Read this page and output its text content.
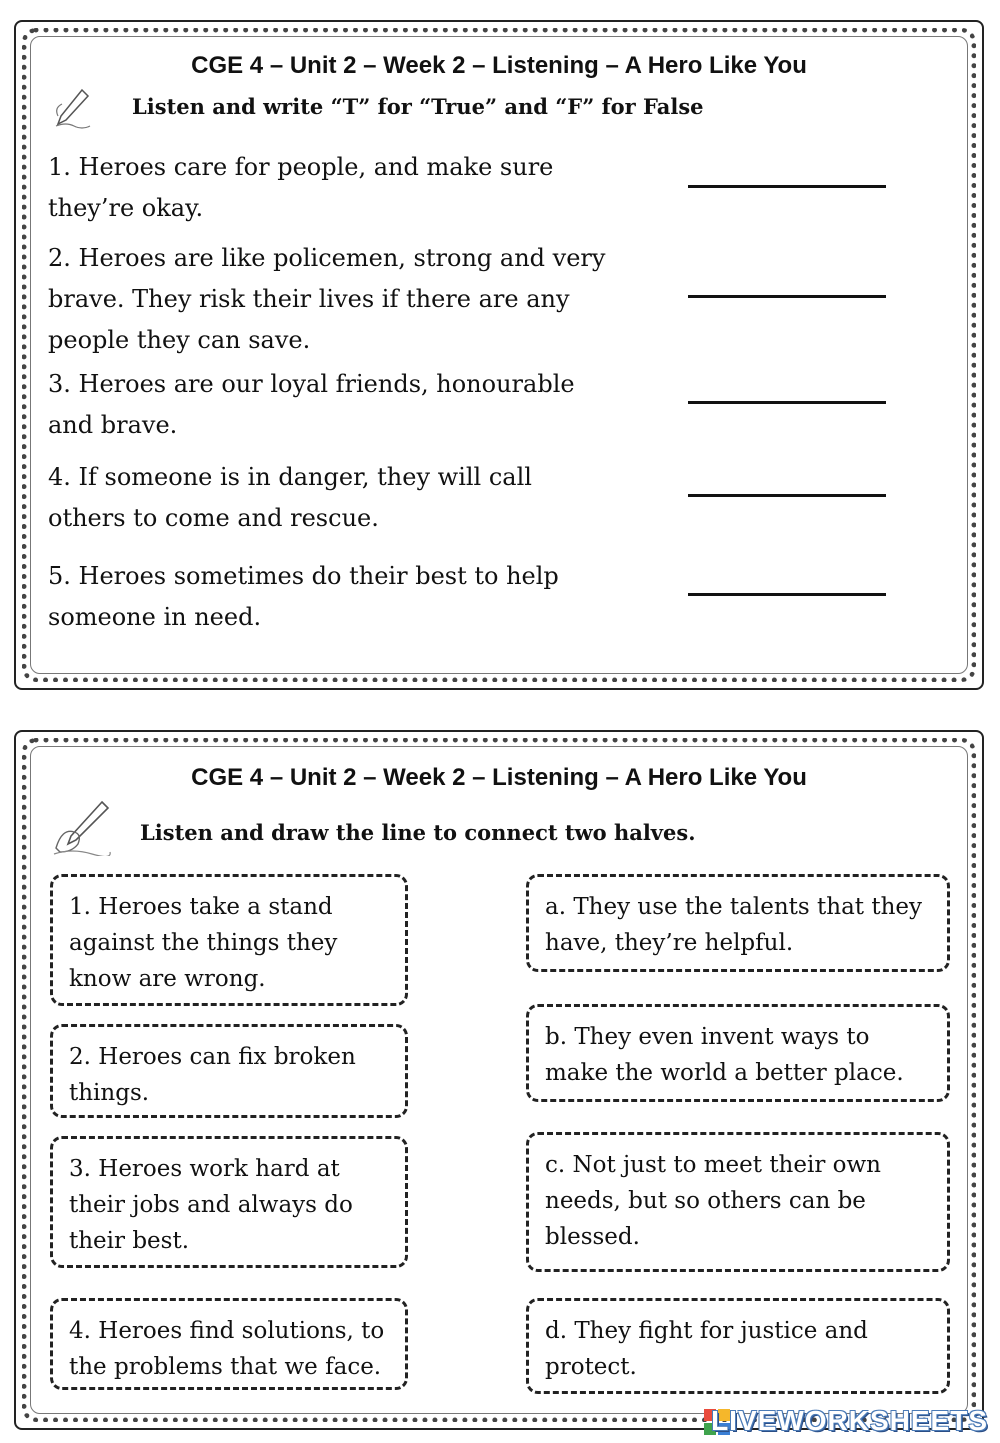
CGE 4 – Unit 2 – Week 2 – Listening – A Hero Like You
Listen and write “T” for “True” and “F” for False
1. Heroes care for people, and make sure they’re okay.
2. Heroes are like policemen, strong and very brave. They risk their lives if there are any people they can save.
3. Heroes are our loyal friends, honourable and brave.
4. If someone is in danger, they will call others to come and rescue.
5. Heroes sometimes do their best to help someone in need.
CGE 4 – Unit 2 – Week 2 – Listening – A Hero Like You
Listen and draw the line to connect two halves.
1. Heroes take a stand against the things they know are wrong.
2. Heroes can fix broken things.
3. Heroes work hard at their jobs and always do their best.
4. Heroes find solutions, to the problems that we face.
a. They use the talents that they have, they’re helpful.
b. They even invent ways to make the world a better place.
c. Not just to meet their own needs, but so others can be blessed.
d. They fight for justice and protect.
LIVEWORKSHEETS
